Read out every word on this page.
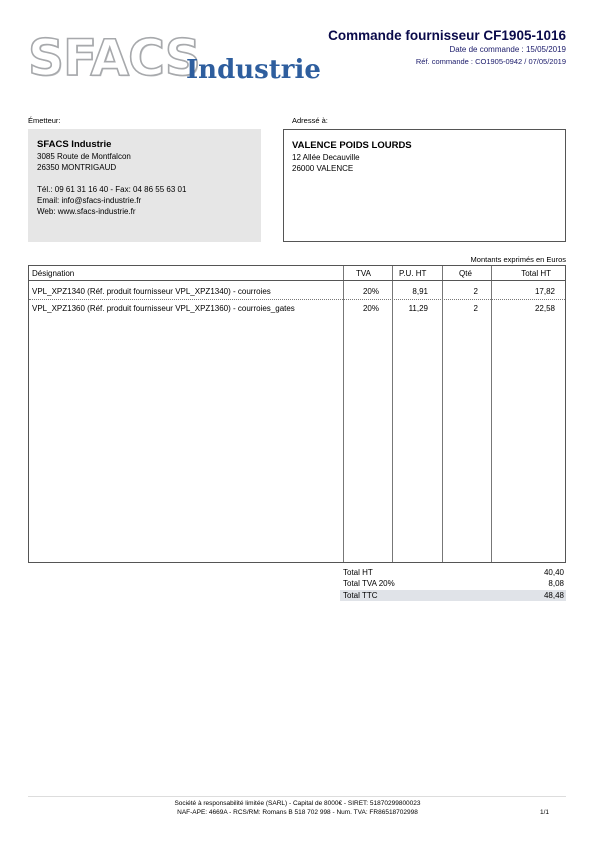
SFACS
Industrie
Commande fournisseur CF1905-1016
Date de commande : 15/05/2019
Réf. commande : CO1905-0942 / 07/05/2019
Émetteur:
SFACS Industrie
3085 Route de Montfalcon
26350 MONTRIGAUD
Tél.: 09 61 31 16 40 - Fax: 04 86 55 63 01
Email: info@sfacs-industrie.fr
Web: www.sfacs-industrie.fr
Adressé à:
VALENCE POIDS LOURDS
12 Allée Decauville
26000 VALENCE
Montants exprimés en Euros
Désignation	TVA	P.U. HT	Qté	Total HT
VPL_XPZ1340 (Réf. produit fournisseur VPL_XPZ1340) - courroies	20%	8,91	2	17,82
VPL_XPZ1360 (Réf. produit fournisseur VPL_XPZ1360) - courroies_gates	20%	11,29	2	22,58
Total HT	40,40
Total TVA 20%	8,08
Total TTC	48,48
Société à responsabilité limitée (SARL) - Capital de 8000€ - SIRET: 51870299800023
NAF-APE: 4669A - RCS/RM: Romans B 518 702 998 - Num. TVA: FR86518702998	1/1
